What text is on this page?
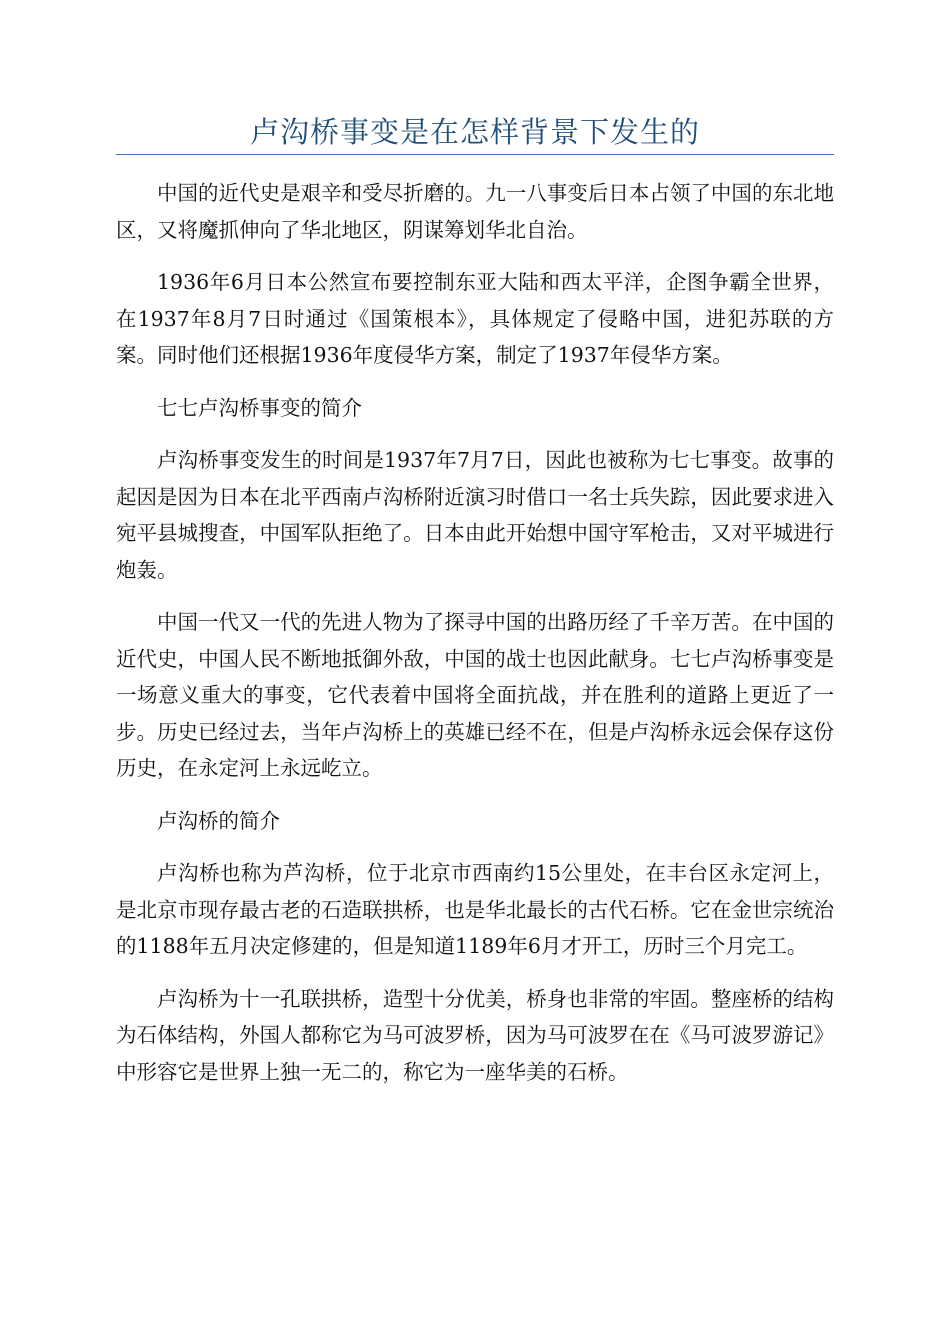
卢沟桥事变是在怎样背景下发生的

中国的近代史是艰辛和受尽折磨的。九一八事变后日本占领了中国的东北地区，又将魔抓伸向了华北地区，阴谋筹划华北自治。

1936年6月日本公然宣布要控制东亚大陆和西太平洋，企图争霸全世界，在1937年8月7日时通过《国策根本》，具体规定了侵略中国，进犯苏联的方案。同时他们还根据1936年度侵华方案，制定了1937年侵华方案。

七七卢沟桥事变的简介

卢沟桥事变发生的时间是1937年7月7日，因此也被称为七七事变。故事的起因是因为日本在北平西南卢沟桥附近演习时借口一名士兵失踪，因此要求进入宛平县城搜查，中国军队拒绝了。日本由此开始想中国守军枪击，又对平城进行炮轰。

中国一代又一代的先进人物为了探寻中国的出路历经了千辛万苦。在中国的近代史，中国人民不断地抵御外敌，中国的战士也因此献身。七七卢沟桥事变是一场意义重大的事变，它代表着中国将全面抗战，并在胜利的道路上更近了一步。历史已经过去，当年卢沟桥上的英雄已经不在，但是卢沟桥永远会保存这份历史，在永定河上永远屹立。

卢沟桥的简介

卢沟桥也称为芦沟桥，位于北京市西南约15公里处，在丰台区永定河上，是北京市现存最古老的石造联拱桥，也是华北最长的古代石桥。它在金世宗统治的1188年五月决定修建的，但是知道1189年6月才开工，历时三个月完工。

卢沟桥为十一孔联拱桥，造型十分优美，桥身也非常的牢固。整座桥的结构为石体结构，外国人都称它为马可波罗桥，因为马可波罗在在《马可波罗游记》中形容它是世界上独一无二的，称它为一座华美的石桥。
